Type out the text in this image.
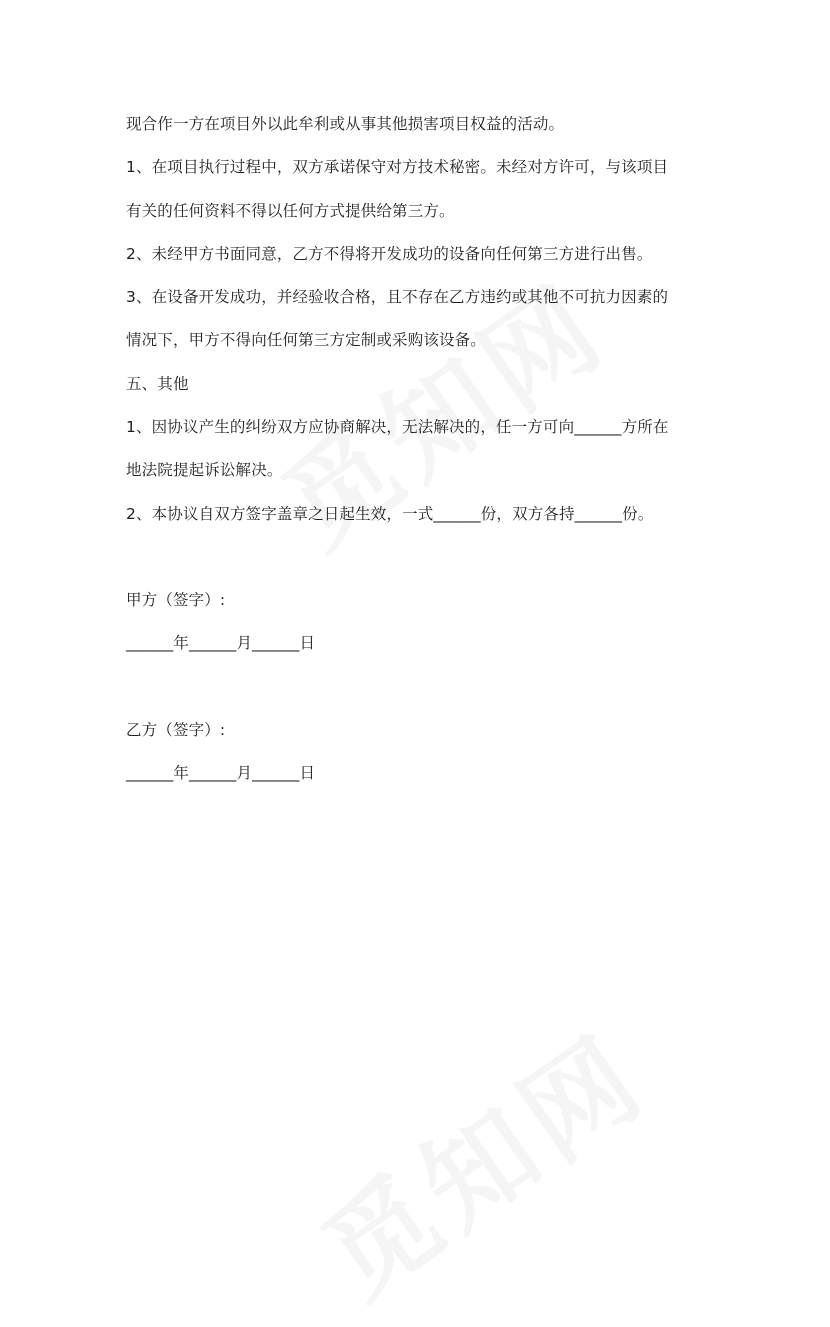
现合作一方在项目外以此牟利或从事其他损害项目权益的活动。

1、在项目执行过程中，双方承诺保守对方技术秘密。未经对方许可，与该项目

有关的任何资料不得以任何方式提供给第三方。

2、未经甲方书面同意，乙方不得将开发成功的设备向任何第三方进行出售。

3、在设备开发成功，并经验收合格，且不存在乙方违约或其他不可抗力因素的

情况下，甲方不得向任何第三方定制或采购该设备。

五、其他

1、因协议产生的纠纷双方应协商解决，无法解决的，任一方可向______方所在

地法院提起诉讼解决。

2、本协议自双方签字盖章之日起生效，一式______份，双方各持______份。

甲方（签字）:

______年______月______日

乙方（签字）:

______年______月______日
